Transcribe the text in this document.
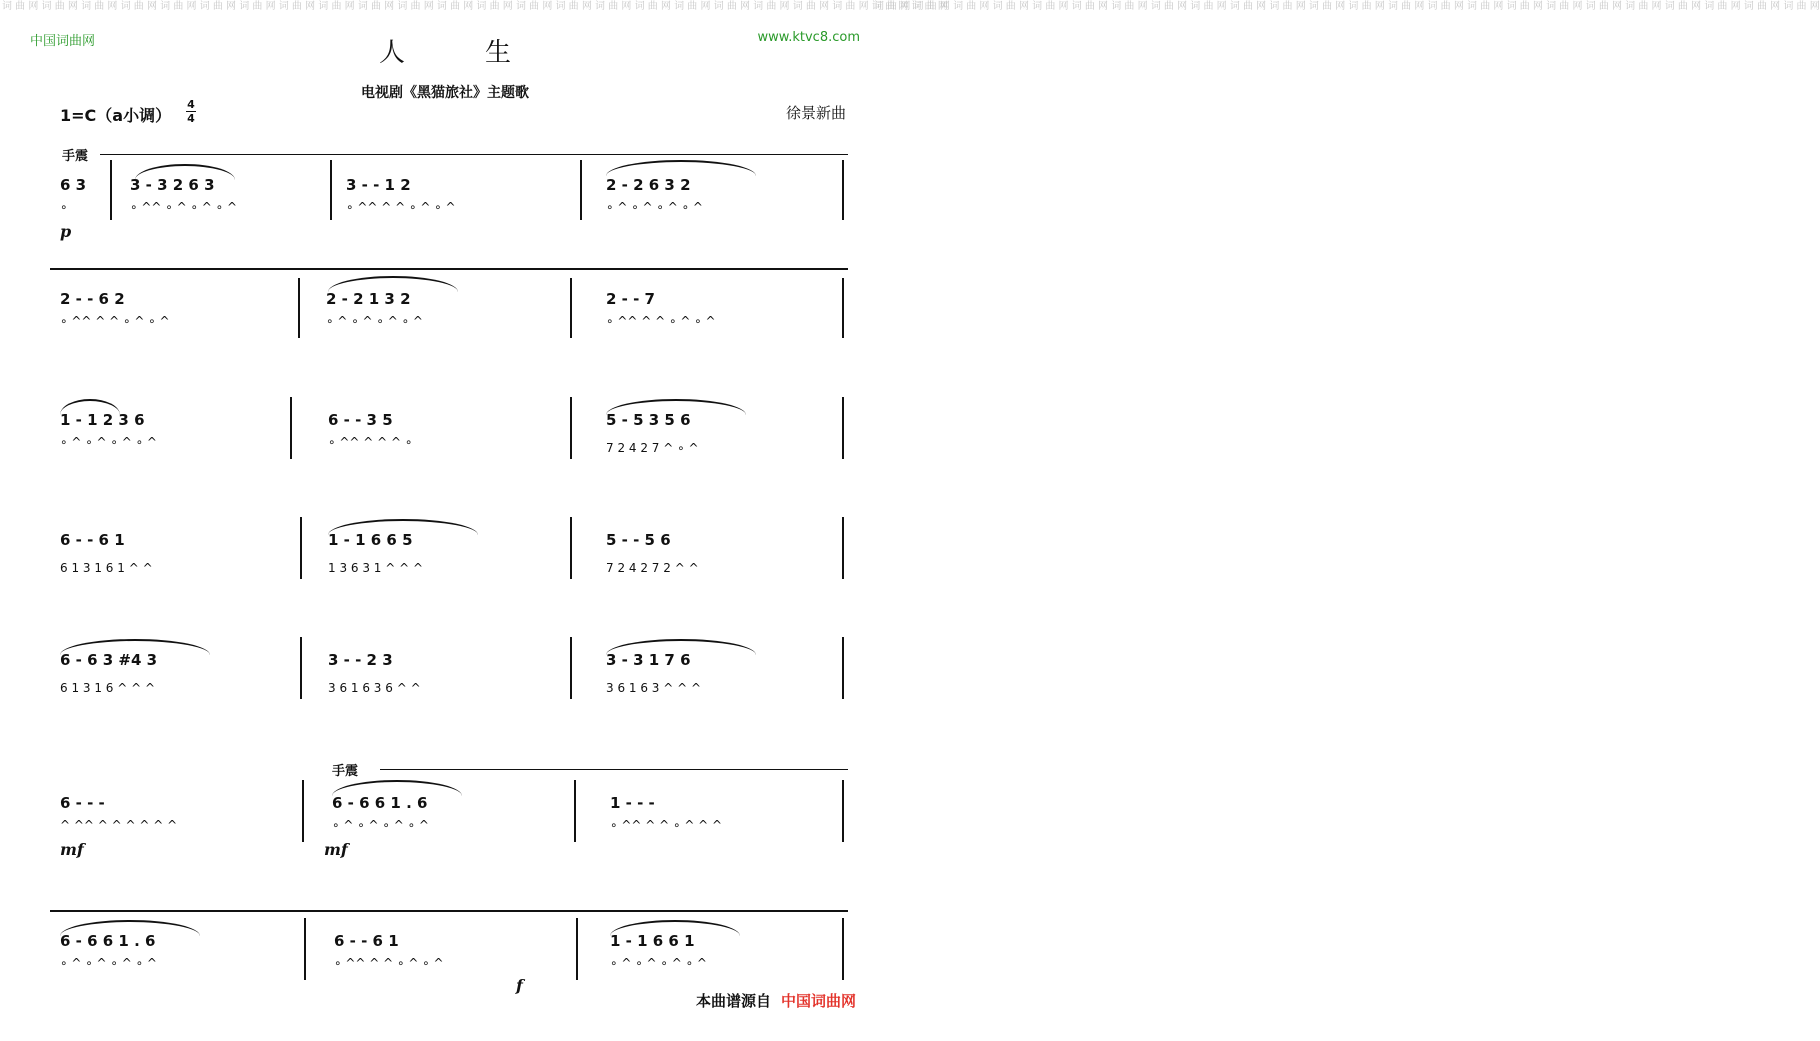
词 曲 网 词 曲 网 词 曲 网 词 曲 网 词 曲 网 词 曲 网 词 曲 网 词 曲 网 词 曲 网 词 曲 网 词 曲 网 词 曲 网 词 曲 网 词 曲 网 词 曲 网 词 曲 网 词 曲 网 词 曲 网 词 曲 网 词 曲 网 词 曲 网 词 曲 网 词 曲 网 词 曲 网
词 曲 网 词 曲 网 词 曲 网 词 曲 网 词 曲 网 词 曲 网 词 曲 网 词 曲 网 词 曲 网 词 曲 网 词 曲 网 词 曲 网 词 曲 网 词 曲 网 词 曲 网 词 曲 网 词 曲 网 词 曲 网 词 曲 网 词 曲 网 词 曲 网 词 曲 网 词 曲 网 词 曲 网
中国词曲网	www.ktvc8.com
人生
电视剧《黑猫旅社》主题歌
1=C（a小调）
4
4	徐景新曲
手震
6 3
∘
3 - 3 2 6 3
∘ ^^ ∘ ^ ∘ ^ ∘ ^
3 - - 1 2
∘ ^^ ^ ^ ∘ ^ ∘ ^
2 - 2 6 3 2
∘ ^ ∘ ^ ∘ ^ ∘ ^
p
2 - - 6 2
∘ ^^ ^ ^ ∘ ^ ∘ ^
2 - 2 1 3 2
∘ ^ ∘ ^ ∘ ^ ∘ ^
2 - - 7
∘ ^^ ^ ^ ∘ ^ ∘ ^
1 - 1 2 3 6
∘ ^ ∘ ^ ∘ ^ ∘ ^
6 - - 3 5
∘ ^^ ^ ^ ^ ∘
5 - 5 3 5 6
7 2 4 2 7 ^ ∘ ^
6 - - 6 1
6 1 3 1 6 1 ^ ^
1 - 1 6 6 5
1 3 6 3 1 ^ ^ ^
5 - - 5 6
7 2 4 2 7 2 ^ ^
6 - 6 3 #4 3
6 1 3 1 6 ^ ^ ^
3 - - 2 3
3 6 1 6 3 6 ^ ^
3 - 3 1 7 6
3 6 1 6 3 ^ ^ ^
手震
6 - - -
^ ^^ ^ ^ ^ ^ ^ ^
6 - 6 6 1 . 6
∘ ^ ∘ ^ ∘ ^ ∘ ^
1 - - -
∘ ^^ ^ ^ ∘ ^ ^ ^
mf	mf
6 - 6 6 1 . 6
∘ ^ ∘ ^ ∘ ^ ∘ ^
6 - - 6 1
∘ ^^ ^ ^ ∘ ^ ∘ ^
1 - 1 6 6 1
∘ ^ ∘ ^ ∘ ^ ∘ ^
f
本曲谱源自 中国词曲网
